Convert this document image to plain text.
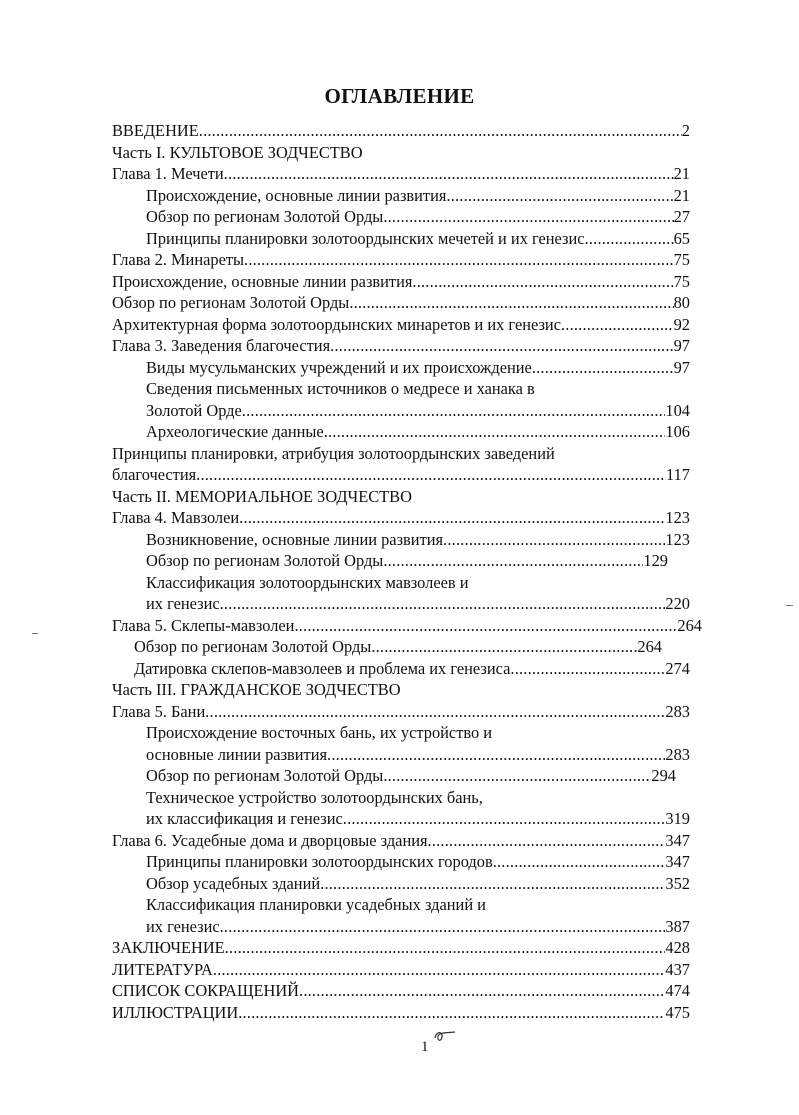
ОГЛАВЛЕНИЕ
ВВЕДЕНИЕ .....	2
Часть I. КУЛЬТОВОЕ ЗОДЧЕСТВО
Глава 1. Мечети .....	21
Происхождение, основные линии развития .....	21
Обзор по регионам Золотой Орды .....	27
Принципы планировки золотоордынских мечетей и их генезис .....	65
Глава 2. Минареты .....	75
Происхождение, основные линии развития .....	75
Обзор по регионам Золотой Орды .....	80
Архитектурная форма золотоордынских минаретов и их генезис .....	92
Глава 3. Заведения благочестия .....	97
Виды мусульманских учреждений и их происхождение .....	97
Сведения письменных источников о медресе и ханака в
Золотой Орде .....	104
Археологические данные .....	106
Принципы планировки, атрибуция золотоордынских заведений
благочестия .....	117
Часть II. МЕМОРИАЛЬНОЕ ЗОДЧЕСТВО
Глава 4. Мавзолеи .....	123
Возникновение, основные линии развития .....	123
Обзор по регионам Золотой Орды .....	129
Классификация золотоордынских мавзолеев и
их генезис .....	220
Глава 5. Склепы-мавзолеи .....	264
Обзор по регионам Золотой Орды .....	264
Датировка склепов-мавзолеев и проблема их генезиса .....	274
Часть III. ГРАЖДАНСКОЕ ЗОДЧЕСТВО
Глава 5. Бани .....	283
Происхождение восточных бань, их устройство и
основные линии развития .....	283
Обзор по регионам Золотой Орды .....	294
Техническое устройство золотоордынских бань,
их классификация и генезис .....	319
Глава 6. Усадебные дома и дворцовые здания .....	347
Принципы планировки золотоордынских городов .....	347
Обзор усадебных зданий .....	352
Классификация планировки усадебных зданий и
их генезис .....	387
ЗАКЛЮЧЕНИЕ .....	428
ЛИТЕРАТУРА .....	437
СПИСОК СОКРАЩЕНИЙ .....	474
ИЛЛЮСТРАЦИИ .....	475
1
